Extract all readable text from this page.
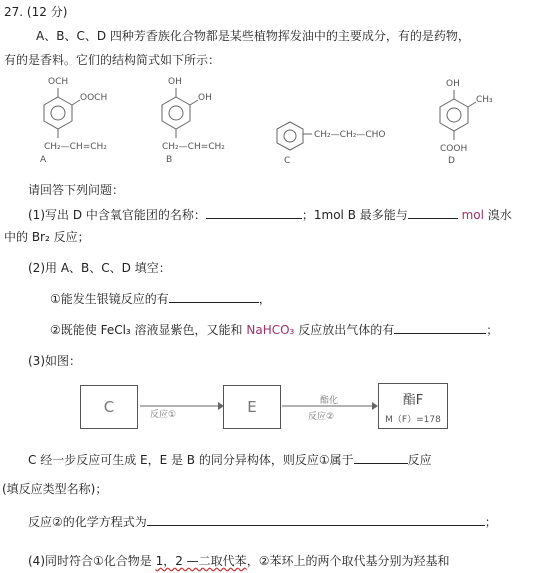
27. (12 分)
A、B、C、D 四种芳香族化合物都是某些植物挥发油中的主要成分，有的是药物，
有的是香料。它们的结构简式如下所示：
OCH
OOCH
CH₂—CH=CH₂
A
OH
OH
CH₂—CH=CH₂
B
CH₂—CH₂—CHO
C
OH
CH₃
COOH
D
请回答下列问题：
(1)写出 D 中含氧官能团的名称：	；1mol B 最多能与	mol 溴水
中的 Br₂ 反应；
(2)用 A、B、C、D 填空：
①能发生银镜反应的有	，
②既能使 FeCl₃ 溶液显紫色，又能和 NaHCO₃ 反应放出气体的有	；
(3)如图：
C	E	酯F
M（F）=178
反应①
酯化
反应②
C 经一步反应可生成 E，E 是 B 的同分异构体，则反应①属于	反应
(填反应类型名称)；
反应②的化学方程式为	；
(4)同时符合①化合物是 1，2 —二取代苯，②苯环上的两个取代基分别为羟基和
